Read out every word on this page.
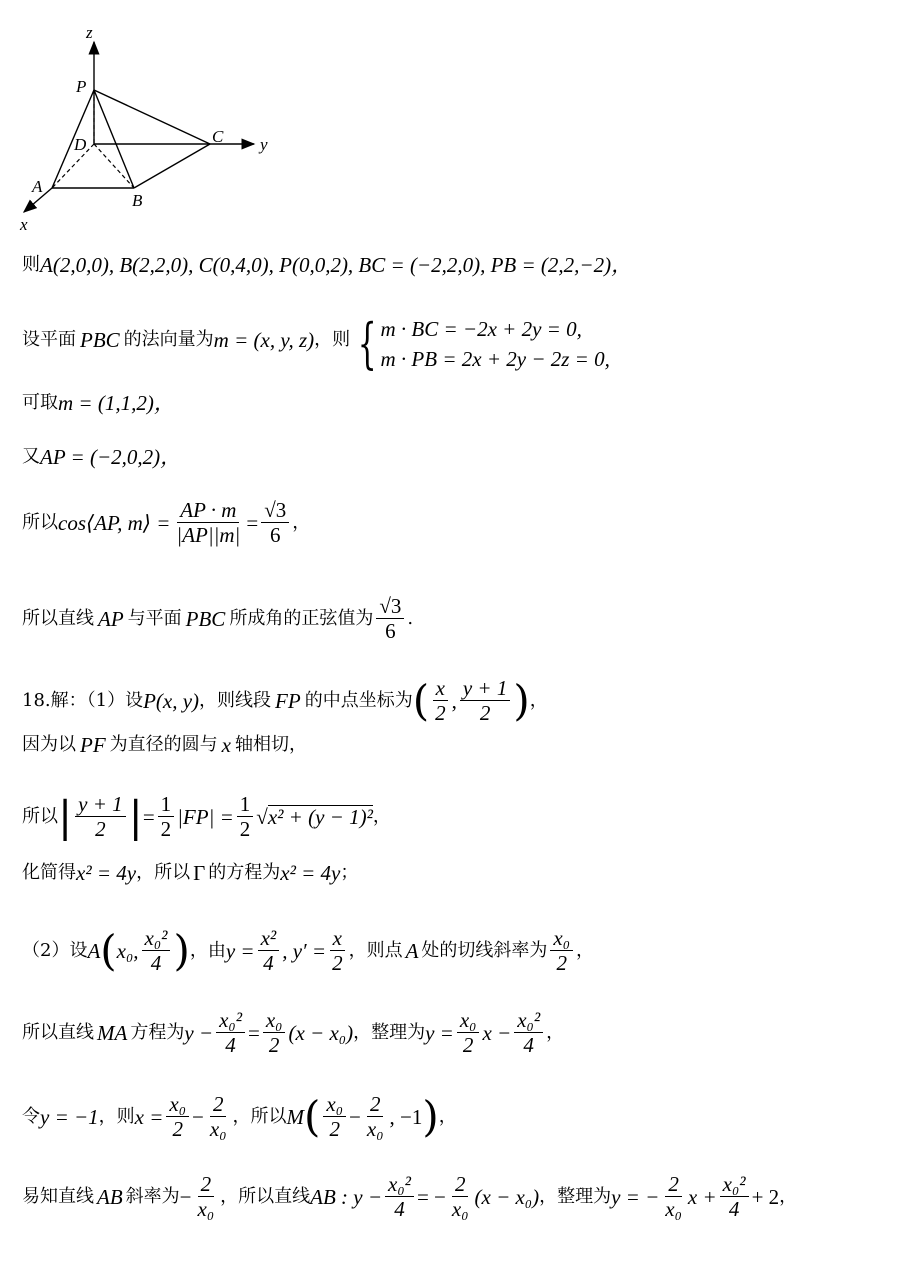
z
y
x
P
D	C
A
B
则 A(2,0,0), B(2,2,0), C(0,4,0), P(0,0,2), BC = (−2,2,0), PB = (2,2,−2)，
设平面 PBC 的法向量为 m = (x, y, z) ，则 { m · BC = −2x + 2y = 0,
m · PB = 2x + 2y − 2z = 0,
可取 m = (1,1,2)，
又 AP = (−2,0,2)，
所以 cos⟨AP, m⟩ = $\frac{AP \cdot m}{|AP||m|} = \frac{√3}{6}$ ，
所以直线 AP 与平面 PBC 所成角的正弦值为 $\frac{√3}{6}$ .
18.解：（1）设 P(x, y) ，则线段 FP 的中点坐标为 ( $\frac{x}{2}$ , $\frac{y + 1}{2}$ ) ，
因为以 PF 为直径的圆与 x 轴相切，
所以 | $\frac{y + 1}{2}$ | = $\frac{1}{2} |FP| = \frac{1}{2}$ √ x² + (y − 1)² ，
化简得 x² = 4y ，所以 Γ 的方程为 x² = 4y ；
（2）设 A ( x₀, $\frac{\text{x₀²}}{4}$ ) ，由 $y = \frac{\text{x²}}{4}$ , $y' = \frac{x}{2}$ ，则点 A 处的切线斜率为 $\frac{\text{x₀}}{2}$ ，
所以直线 MA 方程为 $y - \frac{\text{x₀²}}{4} = \frac{\text{x₀}}{2} (x - x_0)$ ，整理为 $y = \frac{\text{x₀}}{2}$ $x - \frac{\text{x₀²}}{4}$ ，
令 y = −1 ，则 $x = \frac{\text{x₀}}{2} - \frac{2}{\text{x₀}}$ ，所以 M ( $\frac{\text{x₀}}{2} - \frac{2}{\text{x₀}}$ , −1 ) ，
易知直线 AB 斜率为 − $\frac{2}{\text{x₀}}$ ，所以直线 AB : $y - \frac{\text{x₀²}}{4}$ = − $\frac{2}{\text{x₀}} (x - x_0)$ ，整理为 y = − $\frac{2}{\text{x₀}}$ $x + \frac{\text{x₀²}}{4} + 2$ ，
